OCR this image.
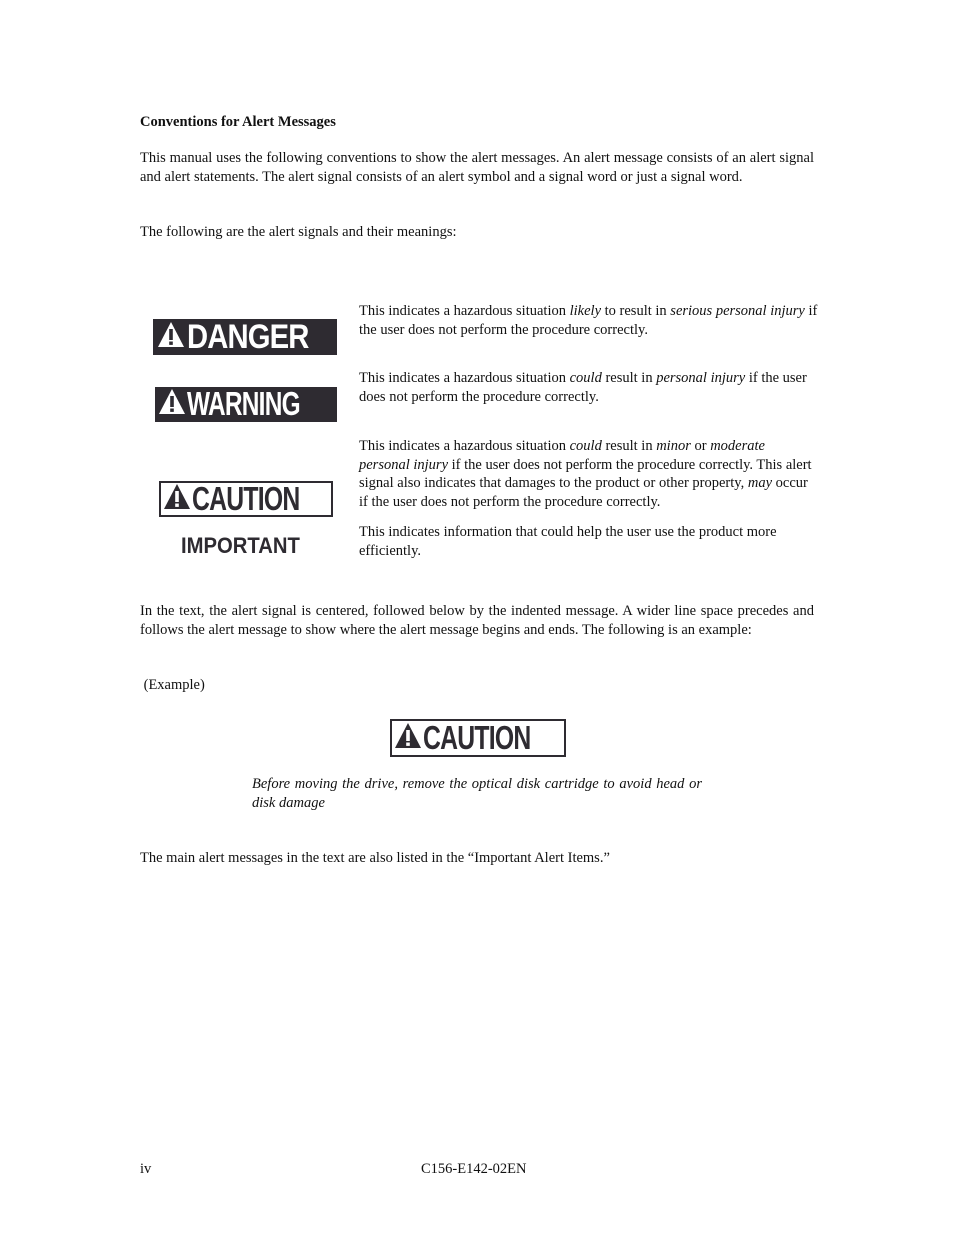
Conventions for Alert Messages
This manual uses the following conventions to show the alert messages. An alert message consists of an alert signal and alert statements. The alert signal consists of an alert symbol and a signal word or just a signal word.
The following are the alert signals and their meanings:
DANGER
This indicates a hazardous situation likely to result in serious personal injury if the user does not perform the procedure correctly.
WARNING
This indicates a hazardous situation could result in personal injury if the user does not perform the procedure correctly.
CAUTION
This indicates a hazardous situation could result in minor or moderate personal injury if the user does not perform the procedure correctly. This alert signal also indicates that damages to the product or other property, may occur if the user does not perform the procedure correctly.
IMPORTANT
This indicates information that could help the user use the product more efficiently.
In the text, the alert signal is centered, followed below by the indented message. A wider line space precedes and follows the alert message to show where the alert message begins and ends. The following is an example:
(Example)
CAUTION
Before moving the drive, remove the optical disk cartridge to avoid head or disk damage
The main alert messages in the text are also listed in the “Important Alert Items.”
iv	C156-E142-02EN
